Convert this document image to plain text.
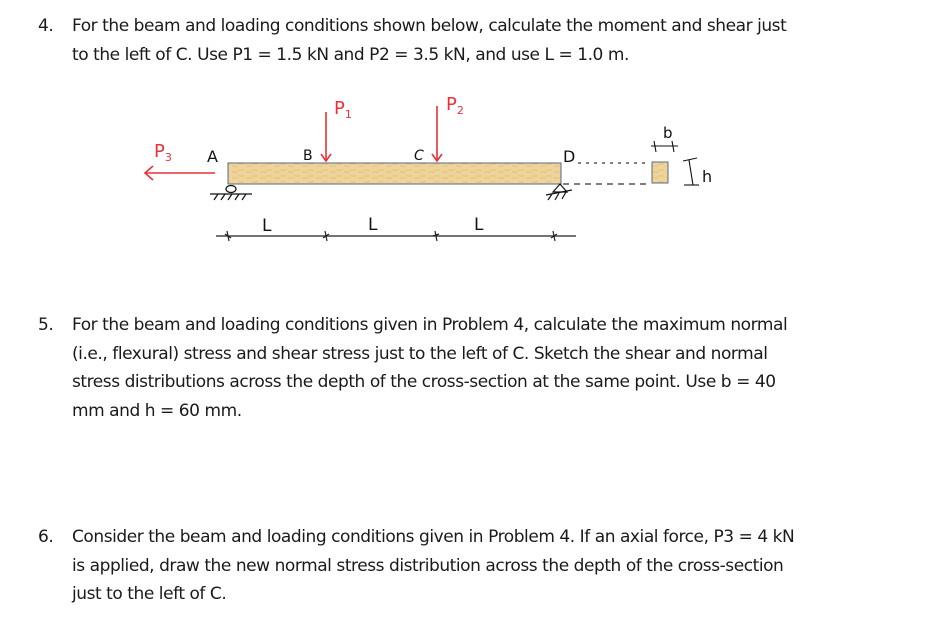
4. For the beam and loading conditions shown below, calculate the moment and shear just
to the left of C. Use P1 = 1.5 kN and P2 = 3.5 kN, and use L = 1.0 m.
A	B	C	D
$P_1$	$P_2$
$P_3$
L	L	L
b
h
5. For the beam and loading conditions given in Problem 4, calculate the maximum normal
(i.e., flexural) stress and shear stress just to the left of C. Sketch the shear and normal
stress distributions across the depth of the cross-section at the same point. Use b = 40
mm and h = 60 mm.
6. Consider the beam and loading conditions given in Problem 4. If an axial force, P3 = 4 kN
is applied, draw the new normal stress distribution across the depth of the cross-section
just to the left of C.
